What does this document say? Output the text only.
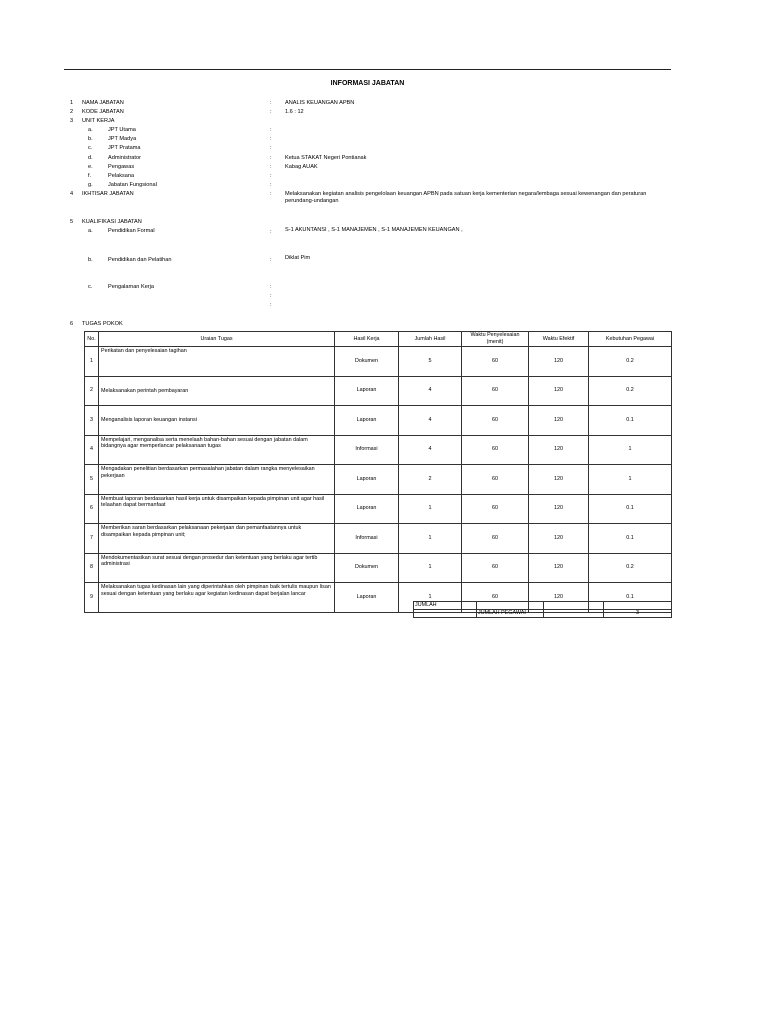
INFORMASI JABATAN
1 NAMA JABATAN	: ANALIS KEUANGAN APBN
2 KODE JABATAN	: 1.6 : 12
3 UNIT KERJA
a.	JPT Utama	:
b.	JPT Madya	:
c.	JPT Pratama	:
d.	Administrator	: Ketua STAKAT Negeri Pontianak
e.	Pengawas	: Kabag AUAK
f.	Pelaksana	:
g.	Jabatan Fungsional	:
4 IKHTISAR JABATAN	: Melaksanakan kegiatan analisis pengelolaan keuangan APBN pada satuan kerja kementerian negara/lembaga sesuai kewenangan dan peraturan perundang-undangan
5 KUALIFIKASI JABATAN
a.	Pendidikan Formal	: S-1 AKUNTANSI , S-1 MANAJEMEN , S-1 MANAJEMEN KEUANGAN ,
b.	Pendidikan dan Pelatihan	: Diklat Pim
c.	Pengalaman Kerja	:
:
:
6 TUGAS POKOK
No.	Uraian Tugas	Hasil Kerja	Jumlah Hasil	Waktu Penyelesaian (menit)	Waktu Efektif	Kebutuhan Pegawai
1	Perikatan dan penyelesaian tagihan	Dokumen	5	60	120	0.2
2	Melaksanakan perintah pembayaran	Laporan	4	60	120	0.2
3	Menganalisis laporan keuangan instansi	Laporan	4	60	120	0.1
4	Mempelajari, menganalisa serta menelaah bahan-bahan sesuai dengan jabatan dalam bidangnya agar memperlancar pelaksanaan tugas	Informasi	4	60	120	1
5	Mengadakan penelitian berdasarkan permasalahan jabatan dalam rangka menyelesaikan pekerjaan	Laporan	2	60	120	1
6	Membuat laporan berdasarkan hasil kerja untuk disampaikan kepada pimpinan unit agar hasil telaahan dapat bermanfaat	Laporan	1	60	120	0.1
7	Memberikan saran berdasarkan pelaksanaan pekerjaan dan pemanfaatannya untuk disampaikan kepada pimpinan unit;	Informasi	1	60	120	0.1
8	Mendokumentasikan surat sesuai dengan prosedur dan ketentuan yang berlaku agar tertib administrasi	Dokumen	1	60	120	0.2
9	Melaksanakan tugas kedinasan lain yang diperintahkan oleh pimpinan baik tertulis maupun lisan sesuai dengan ketentuan yang berlaku agar kegiatan kedinasan dapat berjalan lancar	Laporan	1	60	120	0.1
JUMLAH			
	JUMLAH PEGAWAI		3
